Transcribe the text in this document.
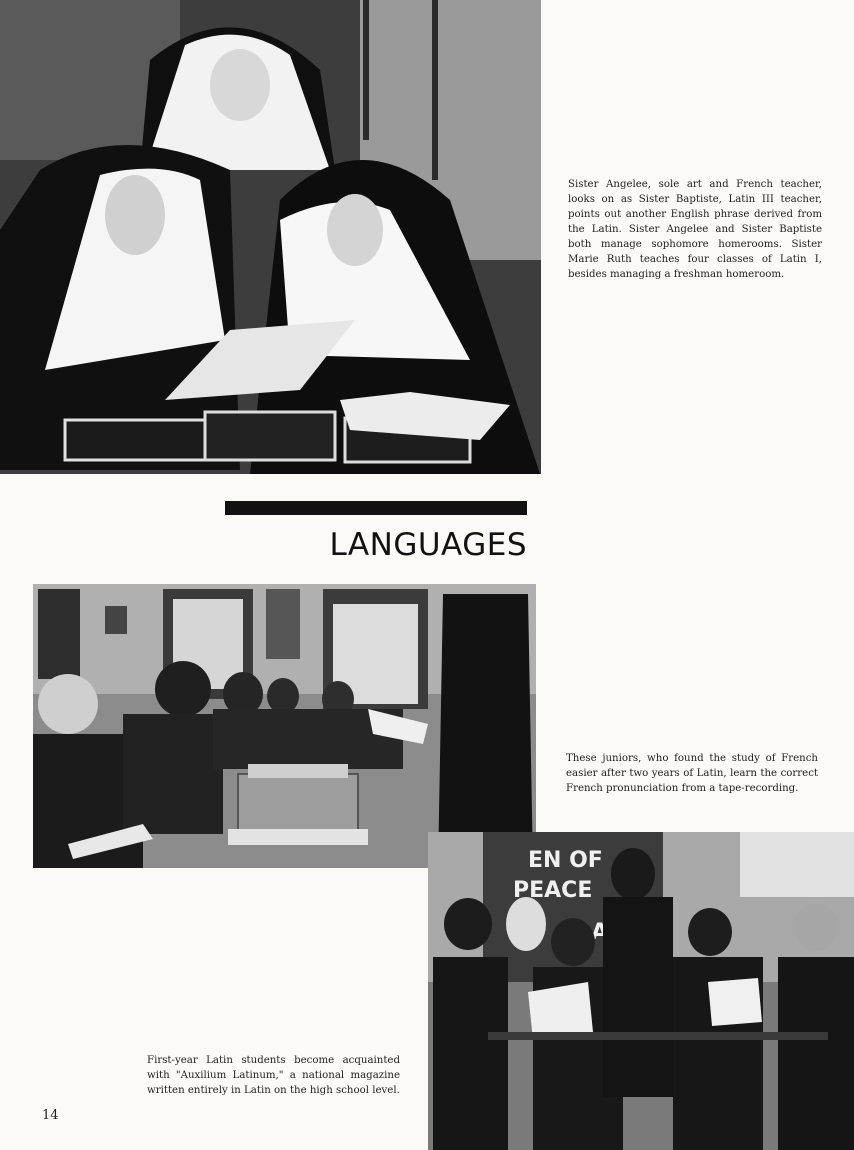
Sister Angelee, sole art and French teacher, looks on as Sister Baptiste, Latin III teacher, points out another English phrase derived from the Latin. Sister Angelee and Sister Baptiste both manage sophomore homerooms. Sister Marie Ruth teaches four classes of Latin I, besides managing a freshman homeroom.

LANGUAGES

These juniors, who found the study of French easier after two years of Latin, learn the correct French pronunciation from a tape-recording.

EN OF
PEACE

First-year Latin students become acquainted with "Auxilium Latinum," a national magazine written entirely in Latin on the high school level.

14
